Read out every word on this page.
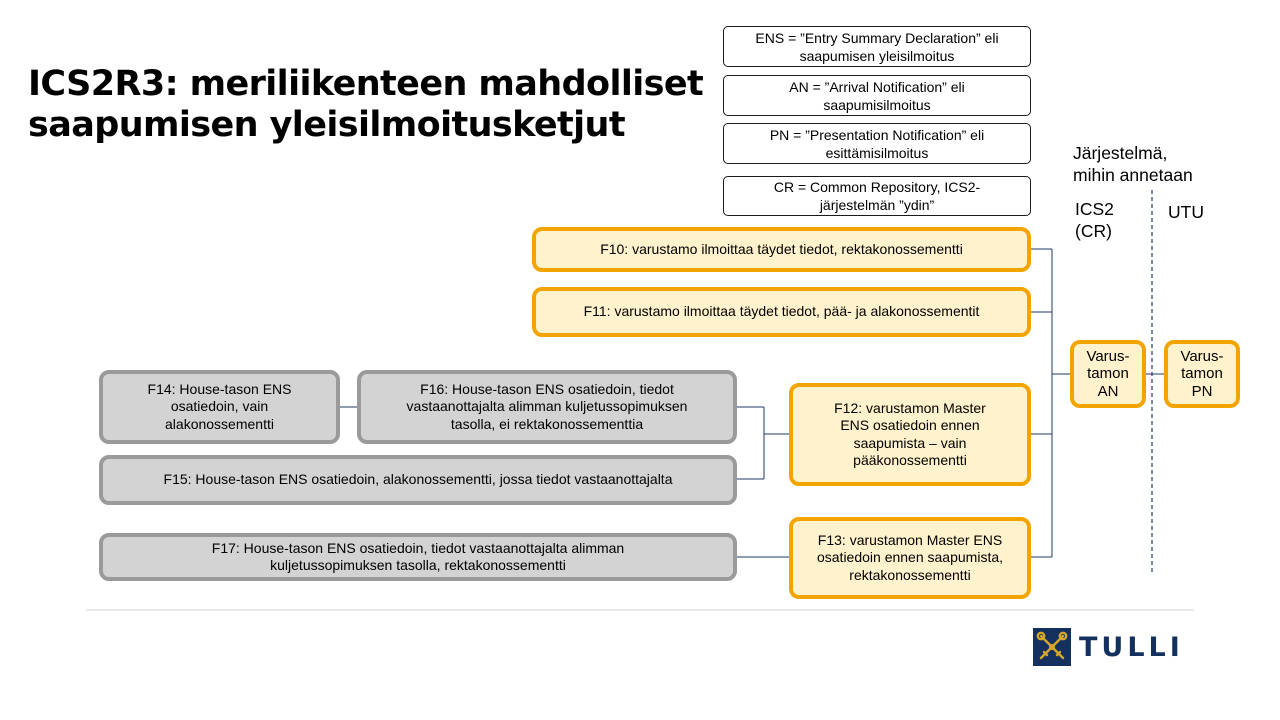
ICS2R3: meriliikenteen mahdolliset
saapumisen yleisilmoitusketjut
ENS = ”Entry Summary Declaration” eli
saapumisen yleisilmoitus
AN = ”Arrival Notification” eli
saapumisilmoitus
PN = ”Presentation Notification” eli
esittämisilmoitus
CR = Common Repository, ICS2-
järjestelmän ”ydin”
Järjestelmä,
mihin annetaan
ICS2
(CR)
UTU
F10: varustamo ilmoittaa täydet tiedot, rektakonossementti
F11: varustamo ilmoittaa täydet tiedot, pää- ja alakonossementit
F12: varustamon Master
ENS osatiedoin ennen
saapumista – vain
pääkonossementti
F13: varustamon Master ENS
osatiedoin ennen saapumista,
rektakonossementti
Varus-
tamon
AN
Varus-
tamon
PN
F14: House-tason ENS
osatiedoin, vain
alakonossementti
F16: House-tason ENS osatiedoin, tiedot
vastaanottajalta alimman kuljetussopimuksen
tasolla, ei rektakonossementtia
F15: House-tason ENS osatiedoin, alakonossementti, jossa tiedot vastaanottajalta
F17: House-tason ENS osatiedoin, tiedot vastaanottajalta alimman
kuljetussopimuksen tasolla, rektakonossementti
TULLI
